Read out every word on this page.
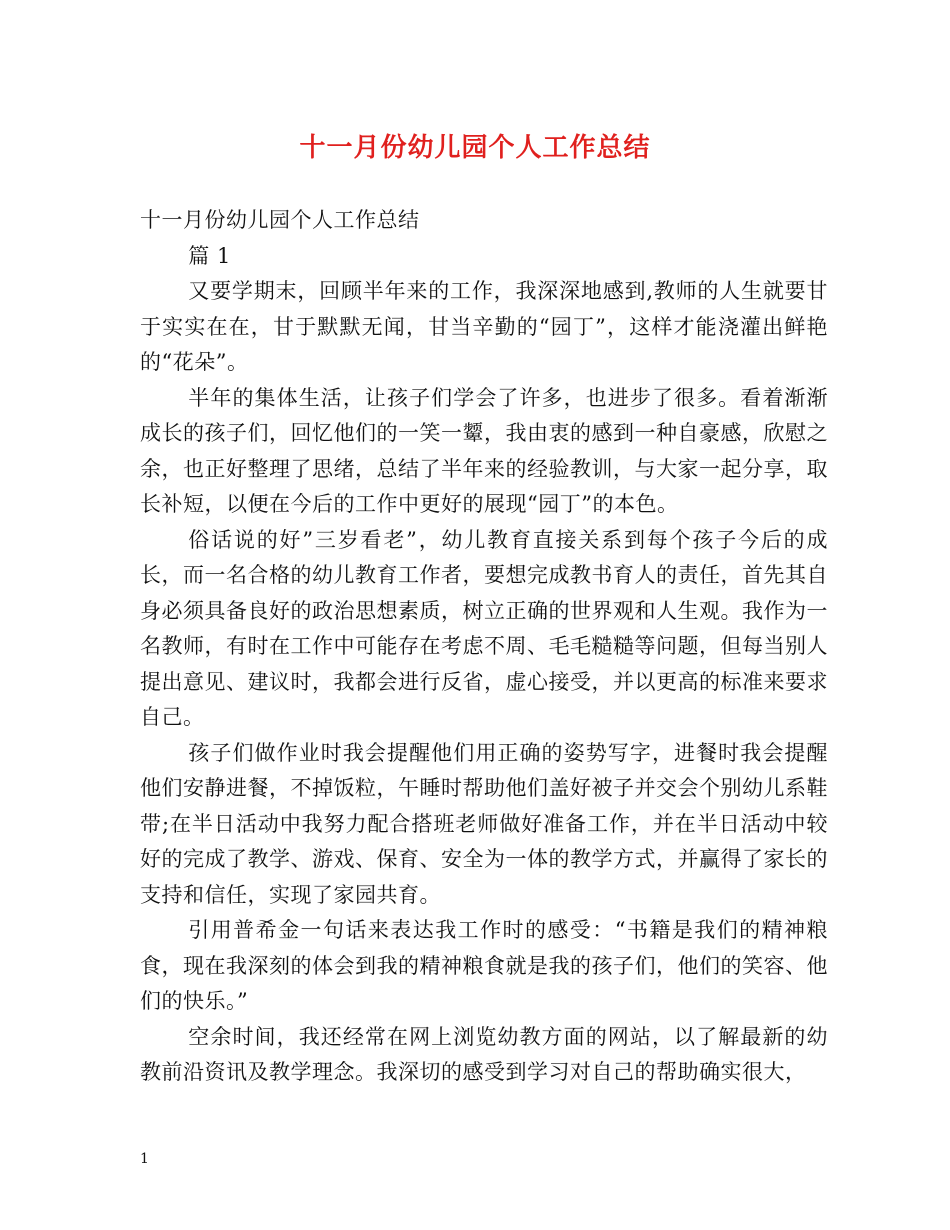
十一月份幼儿园个人工作总结

十一月份幼儿园个人工作总结

篇 1

又要学期末，回顾半年来的工作，我深深地感到,教师的人生就要甘于实实在在，甘于默默无闻，甘当辛勤的“园丁”，这样才能浇灌出鲜艳的“花朵”。

半年的集体生活，让孩子们学会了许多，也进步了很多。看着渐渐成长的孩子们，回忆他们的一笑一颦，我由衷的感到一种自豪感，欣慰之余，也正好整理了思绪，总结了半年来的经验教训，与大家一起分享，取长补短，以便在今后的工作中更好的展现“园丁”的本色。

俗话说的好”三岁看老”，幼儿教育直接关系到每个孩子今后的成长，而一名合格的幼儿教育工作者，要想完成教书育人的责任，首先其自身必须具备良好的政治思想素质，树立正确的世界观和人生观。我作为一名教师，有时在工作中可能存在考虑不周、毛毛糙糙等问题，但每当别人提出意见、建议时，我都会进行反省，虚心接受，并以更高的标准来要求自己。

孩子们做作业时我会提醒他们用正确的姿势写字，进餐时我会提醒他们安静进餐，不掉饭粒，午睡时帮助他们盖好被子并交会个别幼儿系鞋带;在半日活动中我努力配合搭班老师做好准备工作，并在半日活动中较好的完成了教学、游戏、保育、安全为一体的教学方式，并赢得了家长的支持和信任，实现了家园共育。

引用普希金一句话来表达我工作时的感受：“书籍是我们的精神粮食，现在我深刻的体会到我的精神粮食就是我的孩子们，他们的笑容、他们的快乐。”

空余时间，我还经常在网上浏览幼教方面的网站，以了解最新的幼教前沿资讯及教学理念。我深切的感受到学习对自己的帮助确实很大，

1
